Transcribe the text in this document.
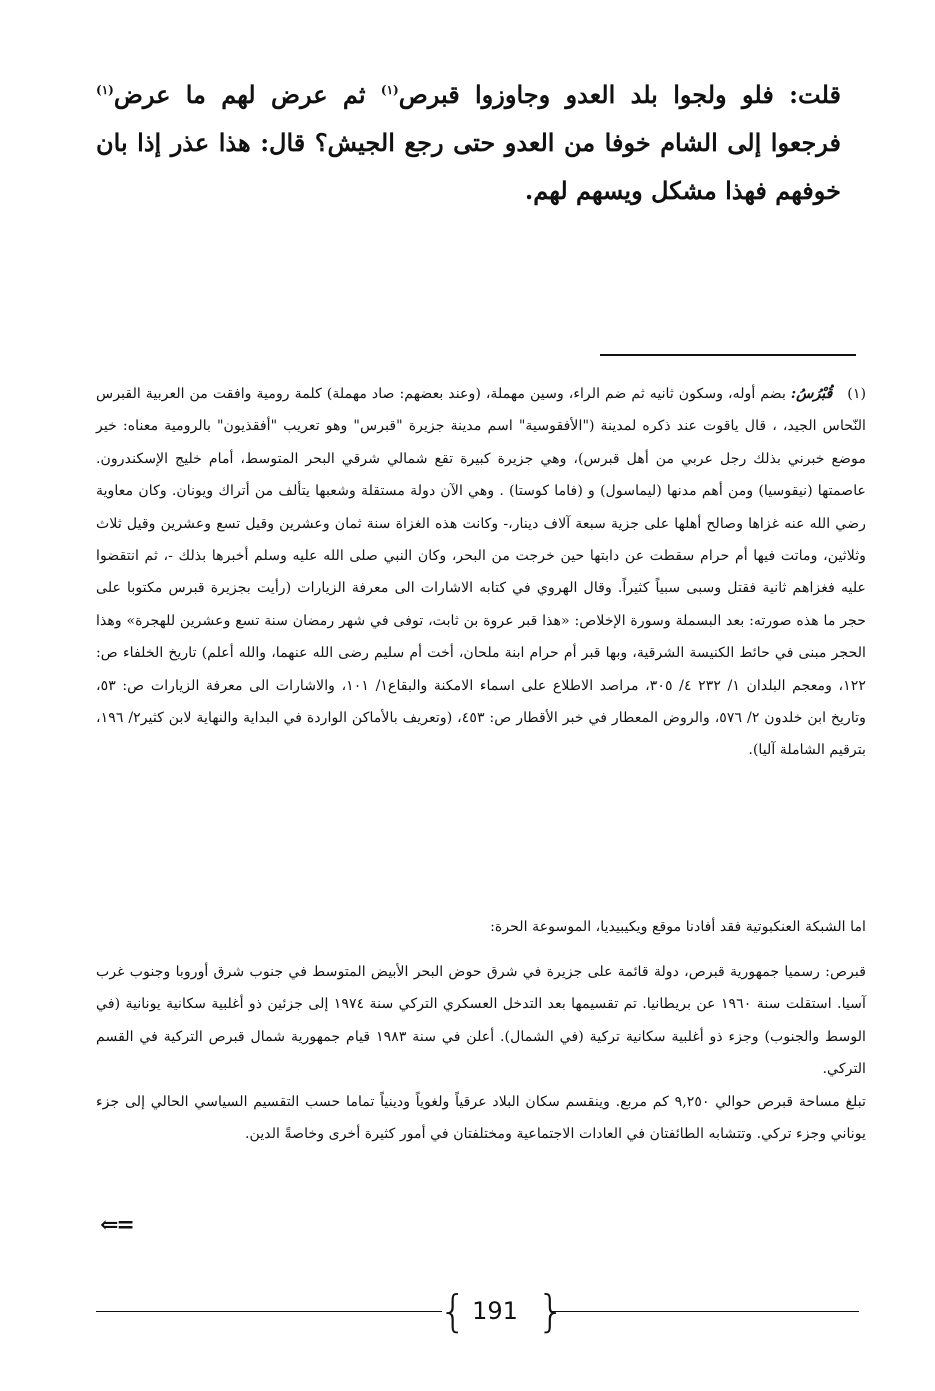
قلت: فلو ولجوا بلد العدو وجاوزوا قبرص$^{(١)}$ ثم عرض لهم ما عرض$^{(١)}$ فرجعوا إلى الشام خوفا من العدو حتى رجع الجيش؟ قال: هذا عذر إذا بان خوفهم فهذا مشكل ويسهم لهم.

(١) قُبْرُسُ: بضم أوله، وسكون ثانيه ثم ضم الراء، وسين مهملة، (وعند بعضهم: صاد مهملة) كلمة رومية وافقت من العربية القبرس النّحاس الجيد، ، قال ياقوت عند ذكره لمدينة ("الأفقوسية" اسم مدينة جزيرة "قبرس" وهو تعريب "أفقذيون" بالرومية معناه: خير موضع خبرني بذلك رجل عربي من أهل قبرس)، وهي جزيرة كبيرة تقع شمالي شرقي البحر المتوسط، أمام خليج الإسكندرون. عاصمتها (نيقوسيا) ومن أهم مدنها (ليماسول) و (فاما كوستا) . وهي الآن دولة مستقلة وشعبها يتألف من أتراك ويونان. وكان معاوية رضي الله عنه غزاها وصالح أهلها على جزية سبعة آلاف دينار،- وكانت هذه الغزاة سنة ثمان وعشرين وقيل تسع وعشرين وقيل ثلاث وثلاثين، وماتت فيها أم حرام سقطت عن دابتها حين خرجت من البحر، وكان النبي صلى الله عليه وسلم أخبرها بذلك -، ثم انتقضوا عليه فغزاهم ثانية فقتل وسبى سبياً كثيراً. وقال الهروي في كتابه الاشارات الى معرفة الزيارات (رأيت بجزيرة قبرس مكتوبا على حجر ما هذه صورته: بعد البسملة وسورة الإخلاص: «هذا قبر عروة بن ثابت، توفى في شهر رمضان سنة تسع وعشرين للهجرة» وهذا الحجر مبنى في حائط الكنيسة الشرقية، وبها قبر أم حرام ابنة ملحان، أخت أم سليم رضى الله عنهما، والله أعلم) تاريخ الخلفاء ص: ١٢٢، ومعجم البلدان ١/ ٢٣٢ ٤/ ٣٠٥، مراصد الاطلاع على اسماء الامكنة والبقاع١/ ١٠١، والاشارات الى معرفة الزيارات ص: ٥٣، وتاريخ ابن خلدون ٢/ ٥٧٦، والروض المعطار في خبر الأقطار ص: ٤٥٣، (وتعريف بالأماكن الواردة في البداية والنهاية لابن كثير٢/ ١٩٦، بترقيم الشاملة آليا).

اما الشبكة العنكبوتية فقد أفادنا موقع ويكيبيديا، الموسوعة الحرة:

قبرص: رسميا جمهورية قبرص، دولة قائمة على جزيرة في شرق حوض البحر الأبيض المتوسط في جنوب شرق أوروبا وجنوب غرب آسيا. استقلت سنة ١٩٦٠ عن بريطانيا. تم تقسيمها بعد التدخل العسكري التركي سنة ١٩٧٤ إلى جزئين ذو أغلبية سكانية يونانية (في الوسط والجنوب) وجزء ذو أغلبية سكانية تركية (في الشمال). أعلن في سنة ١٩٨٣ قيام جمهورية شمال قبرص التركية في القسم التركي.

تبلغ مساحة قبرص حوالي ٩,٢٥٠ كم مربع. وينقسم سكان البلاد عرقياً ولغوياً ودينياً تماما حسب التقسيم السياسي الحالي إلى جزء يوناني وجزء تركي. وتتشابه الطائفتان في العادات الاجتماعية ومختلفتان في أمور كثيرة أخرى وخاصةً الدين.

⇐=
{ 191 }
